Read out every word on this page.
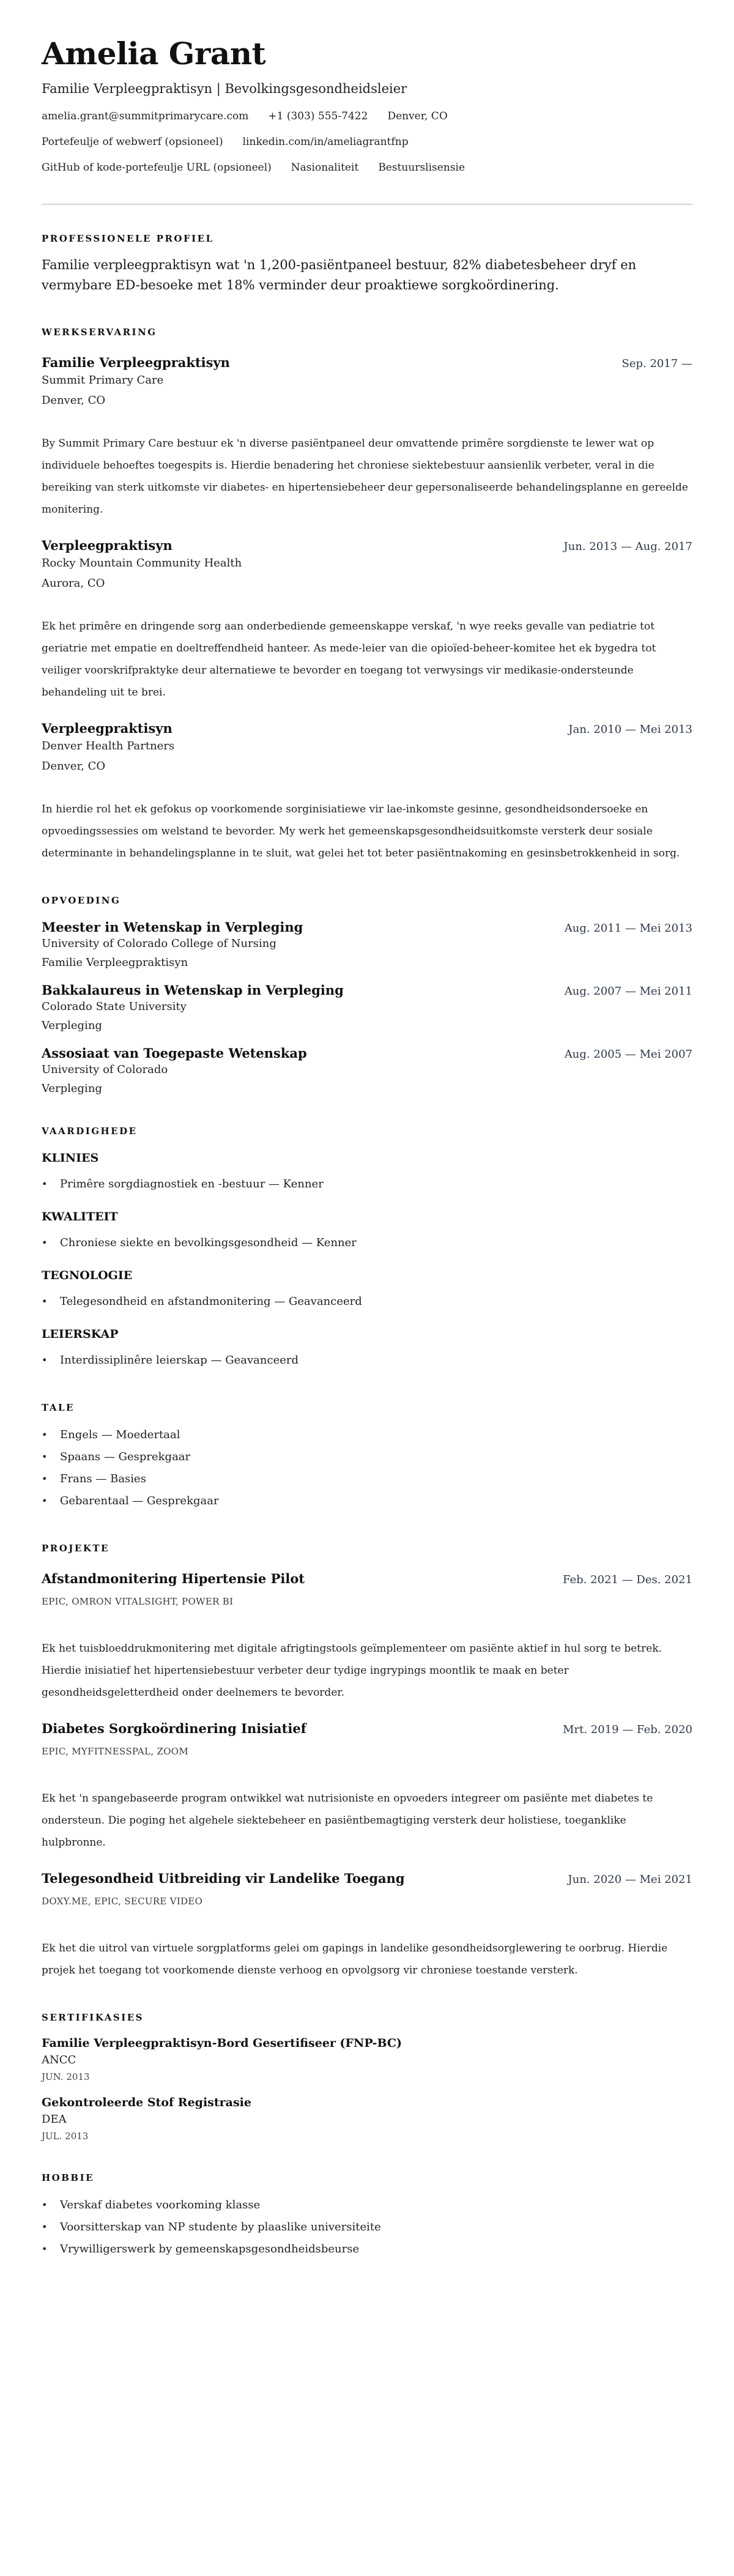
Amelia Grant
Familie Verpleegpraktisyn | Bevolkingsgesondheidsleier
amelia.grant@summitprimarycare.com +1 (303) 555-7422 Denver, CO
Portefeulje of webwerf (opsioneel) linkedin.com/in/ameliagrantfnp
GitHub of kode-portefeulje URL (opsioneel) Nasionaliteit Bestuurslisensie
PROFESSIONELE PROFIEL

Familie verpleegpraktisyn wat 'n 1,200-pasiëntpaneel bestuur, 82% diabetesbeheer dryf en vermybare ED-besoeke met 18% verminder deur proaktiewe sorgkoördinering.

WERKSERVARING
Familie Verpleegpraktisyn	Sep. 2017 —
Summit Primary Care
Denver, CO

By Summit Primary Care bestuur ek 'n diverse pasiëntpaneel deur omvattende primêre sorgdienste te lewer wat op individuele behoeftes toegespits is. Hierdie benadering het chroniese siektebestuur aansienlik verbeter, veral in die bereiking van sterk uitkomste vir diabetes- en hipertensiebeheer deur gepersonaliseerde behandelingsplanne en gereelde monitering.

Verpleegpraktisyn	Jun. 2013 — Aug. 2017
Rocky Mountain Community Health
Aurora, CO

Ek het primêre en dringende sorg aan onderbediende gemeenskappe verskaf, 'n wye reeks gevalle van pediatrie tot geriatrie met empatie en doeltreffendheid hanteer. As mede-leier van die opioïed-beheer-komitee het ek bygedra tot veiliger voorskrifpraktyke deur alternatiewe te bevorder en toegang tot verwysings vir medikasie-ondersteunde behandeling uit te brei.

Verpleegpraktisyn	Jan. 2010 — Mei 2013
Denver Health Partners
Denver, CO

In hierdie rol het ek gefokus op voorkomende sorginisiatiewe vir lae-inkomste gesinne, gesondheidsondersoeke en opvoedingssessies om welstand te bevorder. My werk het gemeenskapsgesondheidsuitkomste versterk deur sosiale determinante in behandelingsplanne in te sluit, wat gelei het tot beter pasiëntnakoming en gesinsbetrokkenheid in sorg.

OPVOEDING
Meester in Wetenskap in Verpleging	Aug. 2011 — Mei 2013
University of Colorado College of Nursing
Familie Verpleegpraktisyn
Bakkalaureus in Wetenskap in Verpleging	Aug. 2007 — Mei 2011
Colorado State University
Verpleging
Assosiaat van Toegepaste Wetenskap	Aug. 2005 — Mei 2007
University of Colorado
Verpleging
VAARDIGHEDE
KLINIES
• Primêre sorgdiagnostiek en -bestuur — Kenner
KWALITEIT
• Chroniese siekte en bevolkingsgesondheid — Kenner
TEGNOLOGIE
• Telegesondheid en afstandmonitering — Geavanceerd
LEIERSKAP
• Interdissiplinêre leierskap — Geavanceerd
TALE
• Engels — Moedertaal
• Spaans — Gesprekgaar
• Frans — Basies
• Gebarentaal — Gesprekgaar
PROJEKTE
Afstandmonitering Hipertensie Pilot	Feb. 2021 — Des. 2021
EPIC, OMRON VITALSIGHT, POWER BI

Ek het tuisbloeddrukmonitering met digitale afrigtingstools geïmplementeer om pasiënte aktief in hul sorg te betrek. Hierdie inisiatief het hipertensiebestuur verbeter deur tydige ingrypings moontlik te maak en beter gesondheidsgeletterdheid onder deelnemers te bevorder.

Diabetes Sorgkoördinering Inisiatief	Mrt. 2019 — Feb. 2020
EPIC, MYFITNESSPAL, ZOOM

Ek het 'n spangebaseerde program ontwikkel wat nutrisioniste en opvoeders integreer om pasiënte met diabetes te ondersteun. Die poging het algehele siektebeheer en pasiëntbemagtiging versterk deur holistiese, toeganklike hulpbronne.

Telegesondheid Uitbreiding vir Landelike Toegang	Jun. 2020 — Mei 2021
DOXY.ME, EPIC, SECURE VIDEO

Ek het die uitrol van virtuele sorgplatforms gelei om gapings in landelike gesondheidsorglewering te oorbrug. Hierdie projek het toegang tot voorkomende dienste verhoog en opvolgsorg vir chroniese toestande versterk.

SERTIFIKASIES
Familie Verpleegpraktisyn-Bord Gesertifiseer (FNP-BC)
ANCC
JUN. 2013
Gekontroleerde Stof Registrasie
DEA
JUL. 2013
HOBBIE
• Verskaf diabetes voorkoming klasse
• Voorsitterskap van NP studente by plaaslike universiteite
• Vrywilligerswerk by gemeenskapsgesondheidsbeurse
